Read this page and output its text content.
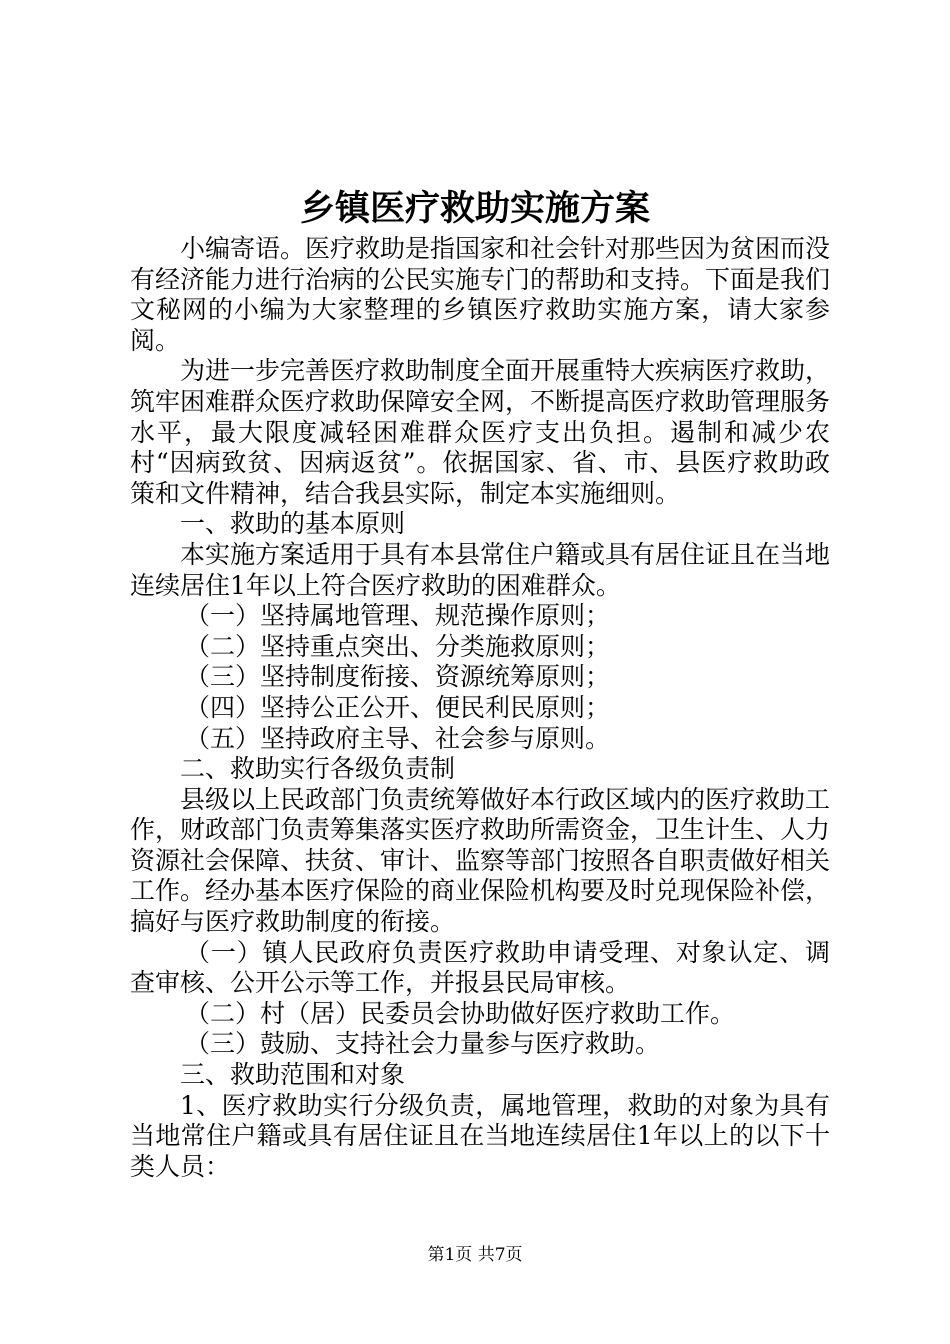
乡镇医疗救助实施方案

小编寄语。医疗救助是指国家和社会针对那些因为贫困而没有经济能力进行治病的公民实施专门的帮助和支持。下面是我们文秘网的小编为大家整理的乡镇医疗救助实施方案，请大家参阅。

为进一步完善医疗救助制度全面开展重特大疾病医疗救助，筑牢困难群众医疗救助保障安全网，不断提高医疗救助管理服务水平，最大限度减轻困难群众医疗支出负担。遏制和减少农村“因病致贫、因病返贫”。依据国家、省、市、县医疗救助政策和文件精神，结合我县实际，制定本实施细则。

一、救助的基本原则

本实施方案适用于具有本县常住户籍或具有居住证且在当地连续居住1年以上符合医疗救助的困难群众。

（一）坚持属地管理、规范操作原则；

（二）坚持重点突出、分类施救原则；

（三）坚持制度衔接、资源统筹原则；

（四）坚持公正公开、便民利民原则；

（五）坚持政府主导、社会参与原则。

二、救助实行各级负责制

县级以上民政部门负责统筹做好本行政区域内的医疗救助工作，财政部门负责筹集落实医疗救助所需资金，卫生计生、人力资源社会保障、扶贫、审计、监察等部门按照各自职责做好相关工作。经办基本医疗保险的商业保险机构要及时兑现保险补偿，搞好与医疗救助制度的衔接。

（一）镇人民政府负责医疗救助申请受理、对象认定、调查审核、公开公示等工作，并报县民局审核。

（二）村（居）民委员会协助做好医疗救助工作。

（三）鼓励、支持社会力量参与医疗救助。

三、救助范围和对象

1、医疗救助实行分级负责，属地管理，救助的对象为具有当地常住户籍或具有居住证且在当地连续居住1年以上的以下十类人员：

第1页 共7页
